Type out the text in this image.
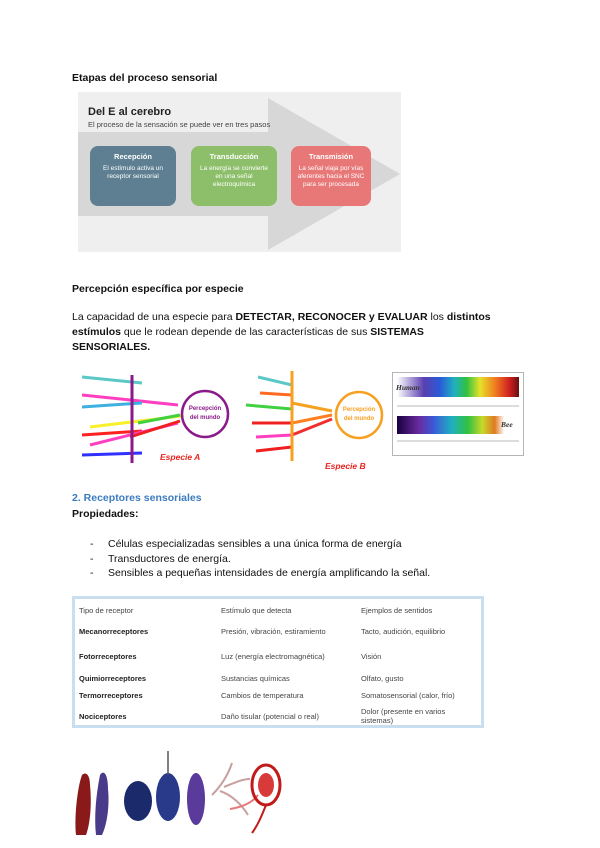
Etapas del proceso sensorial
Del E al cerebro
El proceso de la sensación se puede ver en tres pasos
Recepción
El estímulo activa un receptor sensorial
Transducción
La energía se convierte en una señal electroquímica
Transmisión
La señal viaja por vías aferentes hacia el SNC para ser procesada
Percepción específica por especie
La capacidad de una especie para DETECTAR, RECONOCER y EVALUAR los distintos
estímulos que le rodean depende de las características de sus SISTEMAS
SENSORIALES.
Percepción
del mundo
Percepción
del mundo
Especie A
Especie B
Human
Bee
2. Receptores sensoriales
Propiedades:
- Células especializadas sensibles a una única forma de energía
- Transductores de energía.
- Sensibles a pequeñas intensidades de energía amplificando la señal.
Tipo de receptor	Estímulo que detecta	Ejemplos de sentidos
Mecanorreceptores	Presión, vibración, estiramiento	Tacto, audición, equilibrio
Fotorreceptores	Luz (energía electromagnética)	Visión
Quimiorreceptores	Sustancias químicas	Olfato, gusto
Termorreceptores	Cambios de temperatura	Somatosensorial (calor, frío)
Nociceptores	Daño tisular (potencial o real)	Dolor (presente en varios sistemas)
